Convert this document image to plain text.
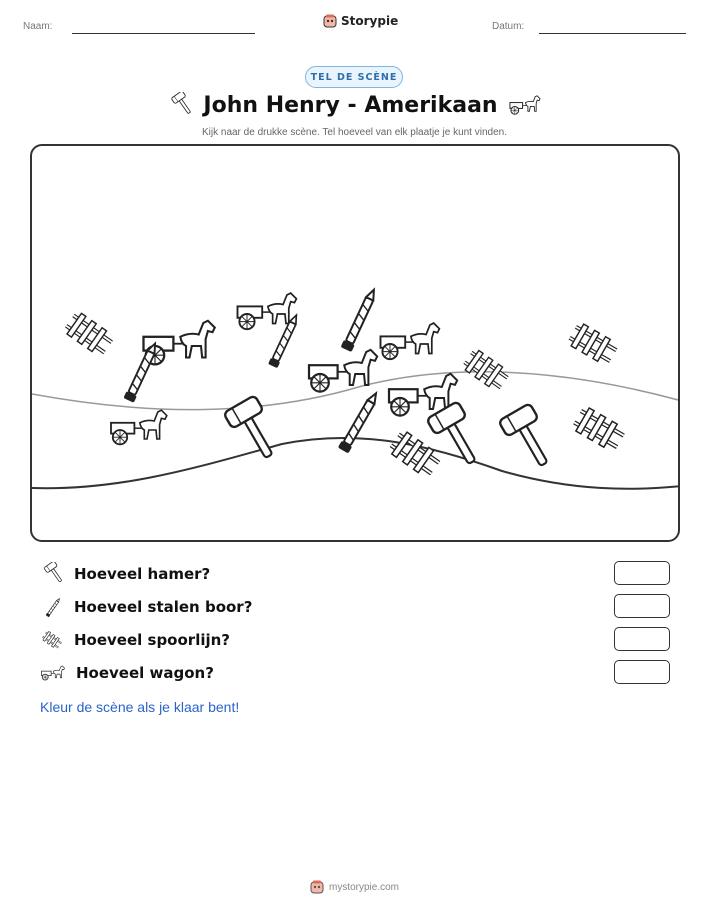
Naam:	Storypie	Datum:
TEL DE SCÈNE
John Henry - Amerikaan
Kijk naar de drukke scène. Tel hoeveel van elk plaatje je kunt vinden.
Hoeveel hamer?
Hoeveel stalen boor?
Hoeveel spoorlijn?
Hoeveel wagon?
Kleur de scène als je klaar bent!
mystorypie.com
